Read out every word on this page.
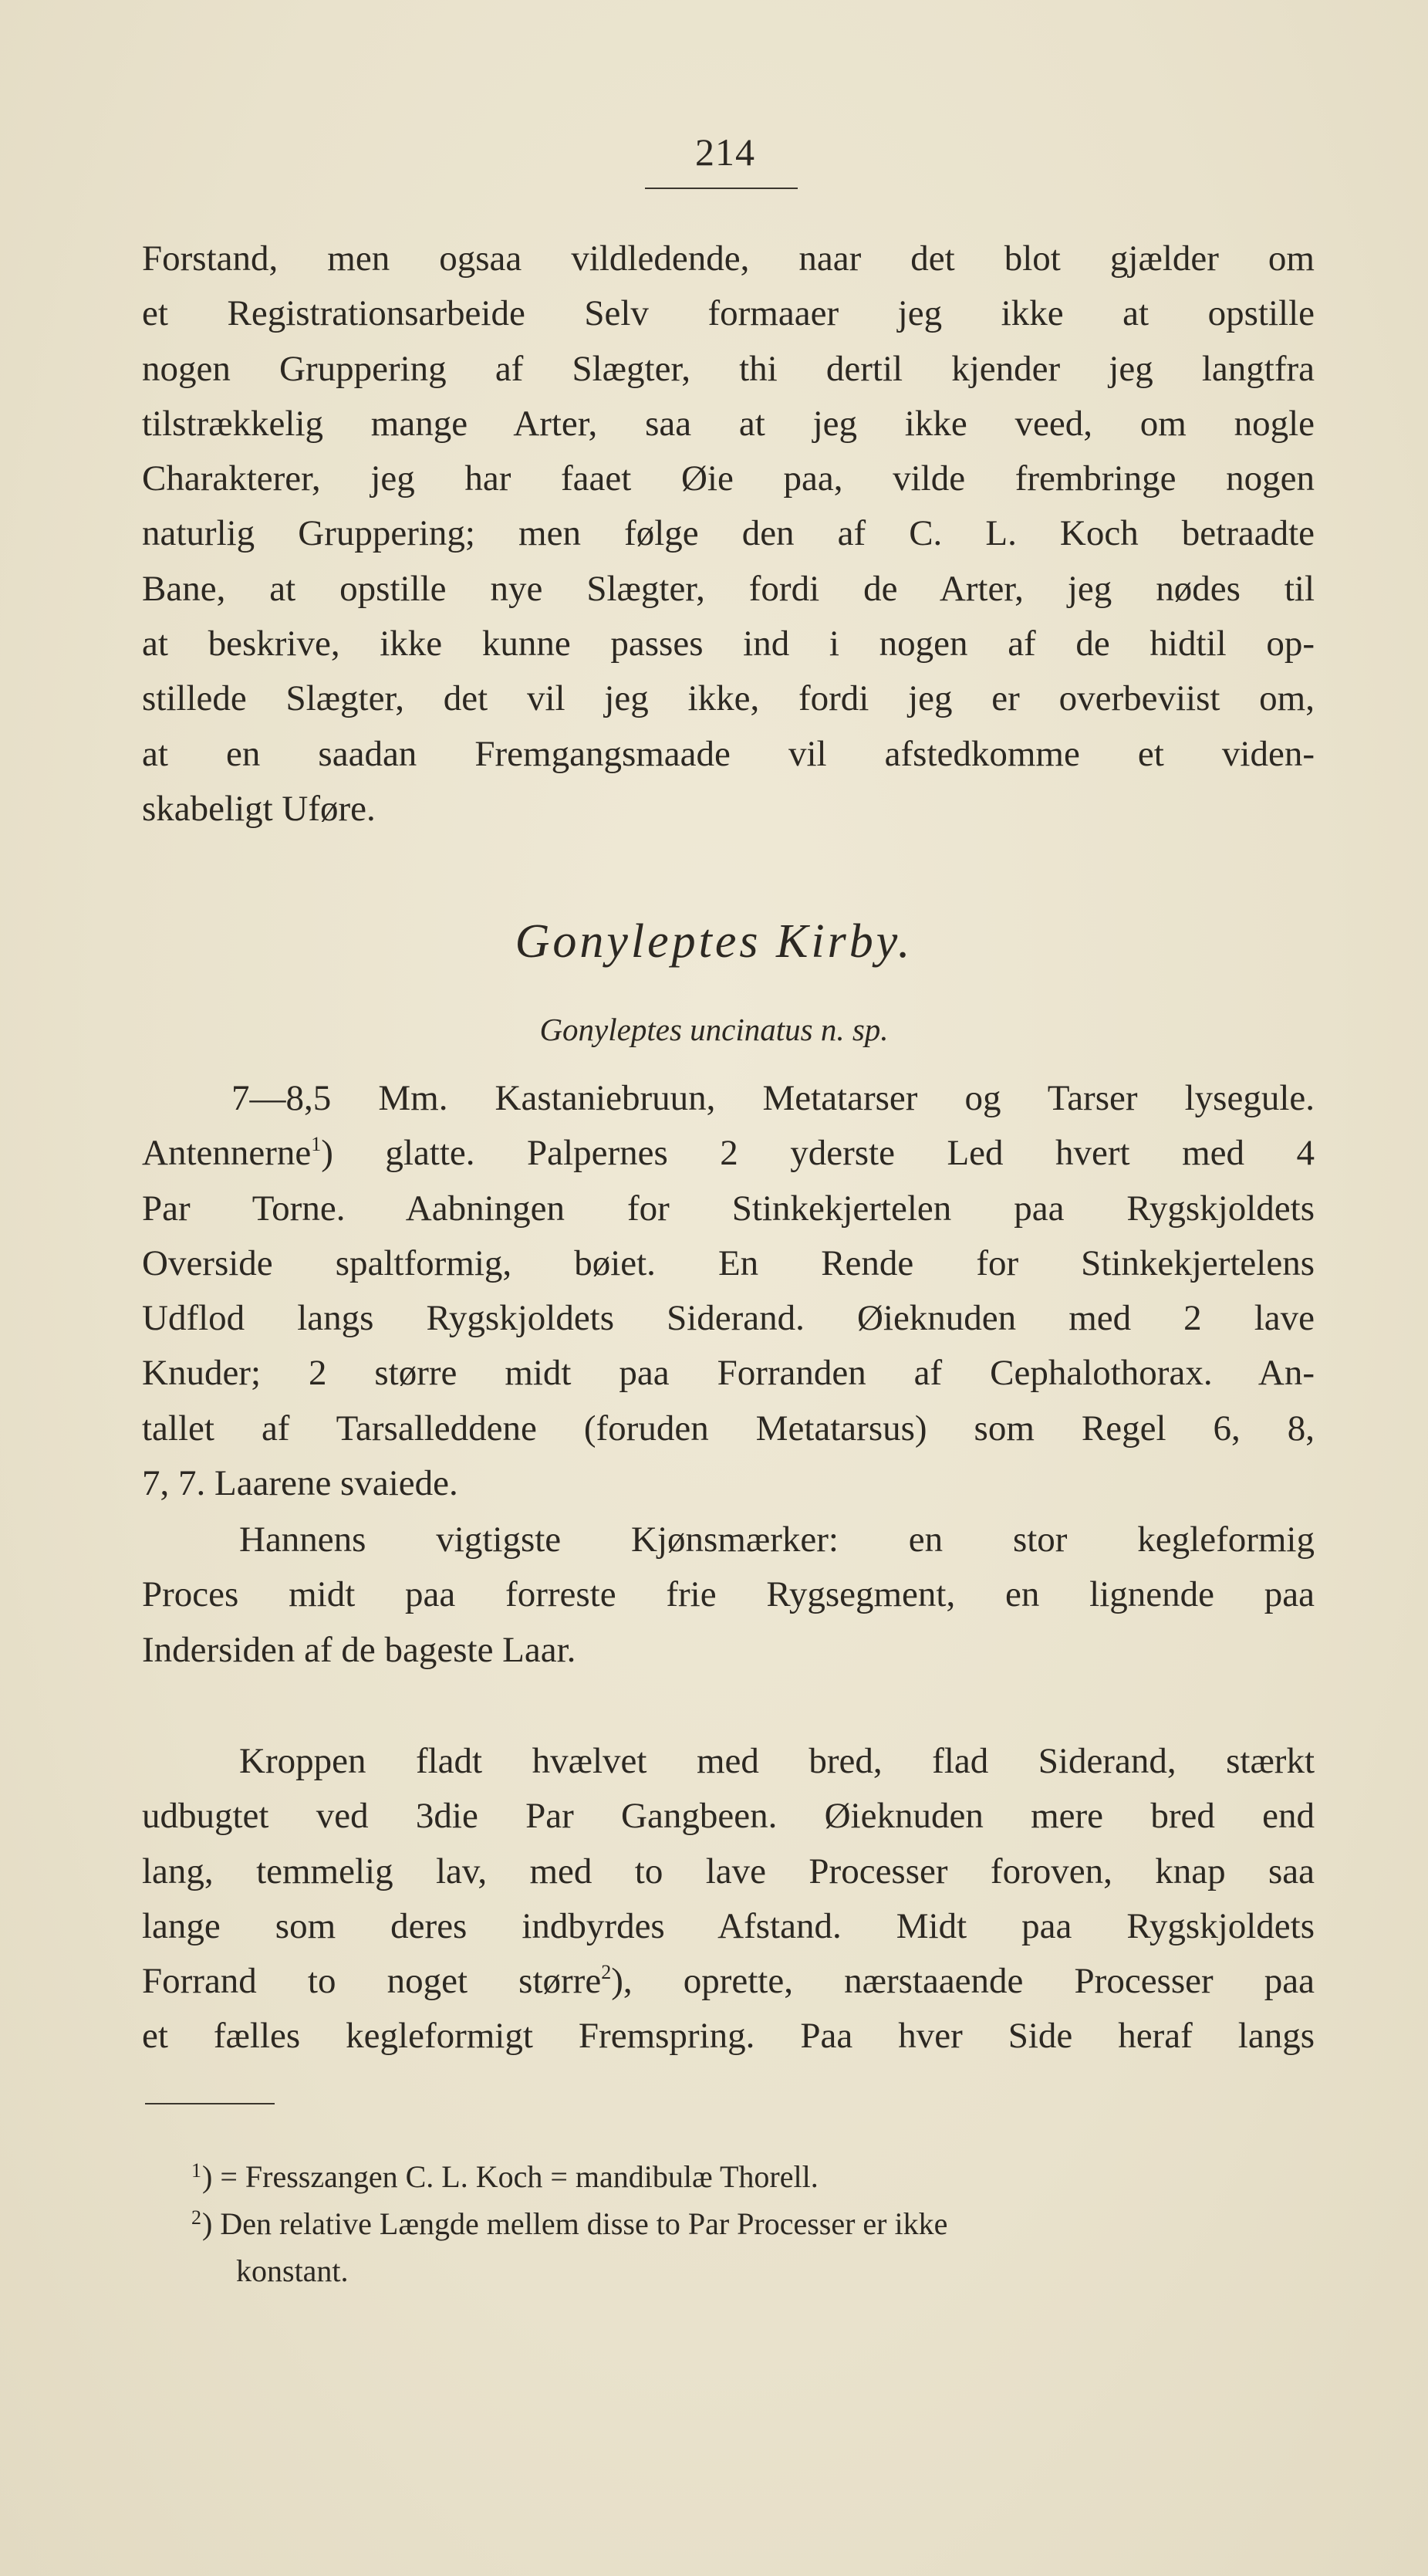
214

Forstand, men ogsaa vildledende, naar det blot gjælder om
et Registrationsarbeide Selv formaaer jeg ikke at opstille
nogen Gruppering af Slægter, thi dertil kjender jeg langtfra
tilstrækkelig mange Arter, saa at jeg ikke veed, om nogle
Charakterer, jeg har faaet Øie paa, vilde frembringe nogen
naturlig Gruppering; men følge den af C. L. Koch betraadte
Bane, at opstille nye Slægter, fordi de Arter, jeg nødes til
at beskrive, ikke kunne passes ind i nogen af de hidtil op-
stillede Slægter, det vil jeg ikke, fordi jeg er overbeviist om,
at en saadan Fremgangsmaade vil afstedkomme et viden-
skabeligt Uføre.

Gonyleptes Kirby.
Gonyleptes uncinatus n. sp.

7—8,5 Mm. Kastaniebruun, Metatarser og Tarser lysegule.
Antennerne$^1$) glatte. Palpernes 2 yderste Led hvert med 4
Par Torne. Aabningen for Stinkekjertelen paa Rygskjoldets
Overside spaltformig, bøiet. En Rende for Stinkekjertelens
Udflod langs Rygskjoldets Siderand. Øieknuden med 2 lave
Knuder; 2 større midt paa Forranden af Cephalothorax. An-
tallet af Tarsalleddene (foruden Metatarsus) som Regel 6, 8,
7, 7. Laarene svaiede.

Hannens vigtigste Kjønsmærker: en stor kegleformig
Proces midt paa forreste frie Rygsegment, en lignende paa
Indersiden af de bageste Laar.

Kroppen fladt hvælvet med bred, flad Siderand, stærkt
udbugtet ved 3die Par Gangbeen. Øieknuden mere bred end
lang, temmelig lav, med to lave Processer foroven, knap saa
lange som deres indbyrdes Afstand. Midt paa Rygskjoldets
Forrand to noget større$^2$), oprette, nærstaaende Processer paa
et fælles kegleformigt Fremspring. Paa hver Side heraf langs

1 ) = Fresszangen C. L. Koch = mandibulæ Thorell.

2 ) Den relative Længde mellem disse to Par Processer er ikke
konstant.
